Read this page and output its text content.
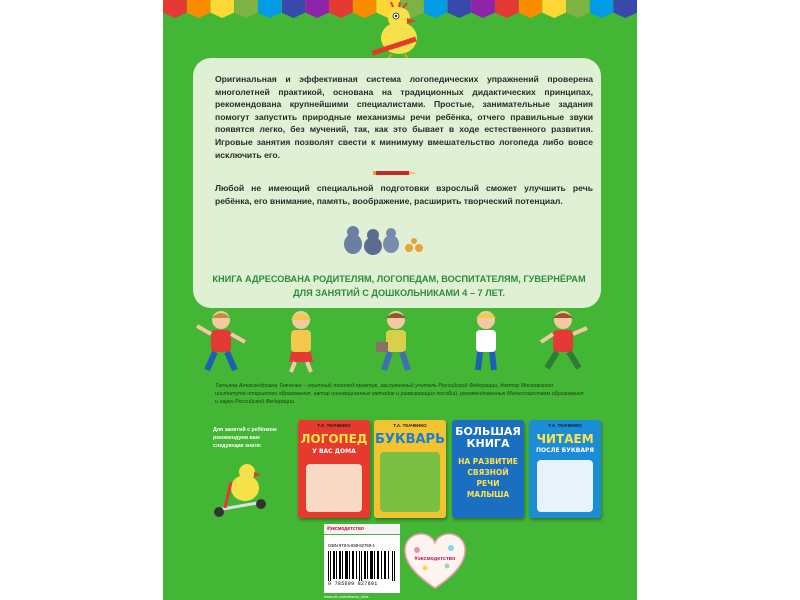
Оригинальная и эффективная система логопедических упражнений проверена многолетней практикой, основана на традиционных дидактических принципах, рекомендована крупнейшими специалистами. Простые, занимательные задания помогут запустить природные механизмы речи ребёнка, отчего правильные звуки появятся легко, без мучений, так, как это бывает в ходе естественного развития. Игровые занятия позволят свести к минимуму вмешательство логопеда либо вовсе исключить его.

Любой не имеющий специальной подготовки взрослый сможет улучшить речь ребёнка, его внимание, память, воображение, расширить творческий потенциал.

КНИГА АДРЕСОВАНА РОДИТЕЛЯМ, ЛОГОПЕДАМ, ВОСПИТАТЕЛЯМ, ГУВЕРНЁРАМ ДЛЯ ЗАНЯТИЙ С ДОШКОЛЬНИКАМИ 4 – 7 ЛЕТ.

Татьяна Александровна Ткаченко – опытный логопед-практик, заслуженный учитель Российской Федерации, доктор Московского института открытого образования, автор инновационных методик и развивающих пособий, рекомендованных Министерством образования и науки Российской Федерации.

Для занятий с ребёнком рекомендуем вам следующие книги:

Т.А. ТКАЧЕНКО
ЛОГОПЕД
У ВАС ДОМА
Т.А. ТКАЧЕНКО
БУКВАРЬ
БОЛЬШАЯ КНИГА
НА РАЗВИТИЕ СВЯЗНОЙ РЕЧИ МАЛЫША
Т.А. ТКАЧЕНКО
ЧИТАЕМ
ПОСЛЕ БУКВАРЯ
#эксмодетство
ISBN 978-5-699-82769-1
9 785699 827691
www.vk.com/eksmo_kids
#эксмодетство
